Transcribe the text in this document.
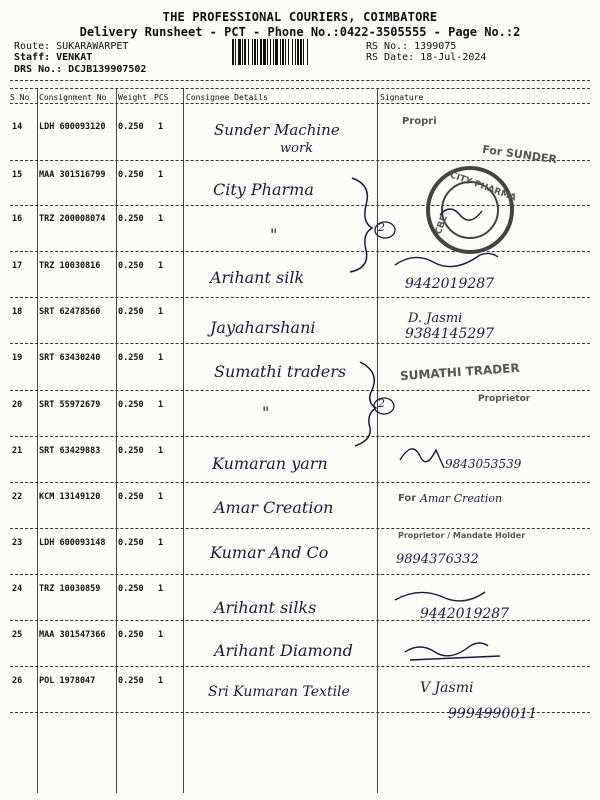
THE PROFESSIONAL COURIERS, COIMBATORE
Delivery Runsheet - PCT - Phone No.:0422-3505555 - Page No.:2
Route: SUKARAWARPET
Staff: VENKAT
DRS No.: DCJB139907502
RS No.: 1399075
RS Date: 18-Jul-2024
S No Consignment No Weight PCS Consignee Details	Signature
14 LDH 600093120 0.250 1
15 MAA 301516799 0.250 1
16 TRZ 200008074 0.250 1
17 TRZ 10030816 0.250 1
18 SRT 62478560 0.250 1
19 SRT 63430240 0.250 1
20 SRT 55972679 0.250 1
21 SRT 63429883 0.250 1
22 KCM 13149120 0.250 1
23 LDH 600093148 0.250 1
24 TRZ 10030859 0.250 1
25 MAA 301547366 0.250 1
26 POL 1978047	0.250 1
Sunder Machine
work
City Pharma
"
Arihant silk
Jayaharshani
Sumathi traders
"
Kumaran yarn
Amar Creation
Kumar And Co
Arihant silks
Arihant Diamond
Sri Kumaran Textile
2
2
Propri
For SUNDER
CITY PHARMA
CBE
SUMATHI TRADER
Proprietor
For Amar Creation
Proprietor / Mandate Holder
D. Jasmi
V Jasmi
9442019287
9384145297
9843053539
9894376332
9442019287
9994990011
